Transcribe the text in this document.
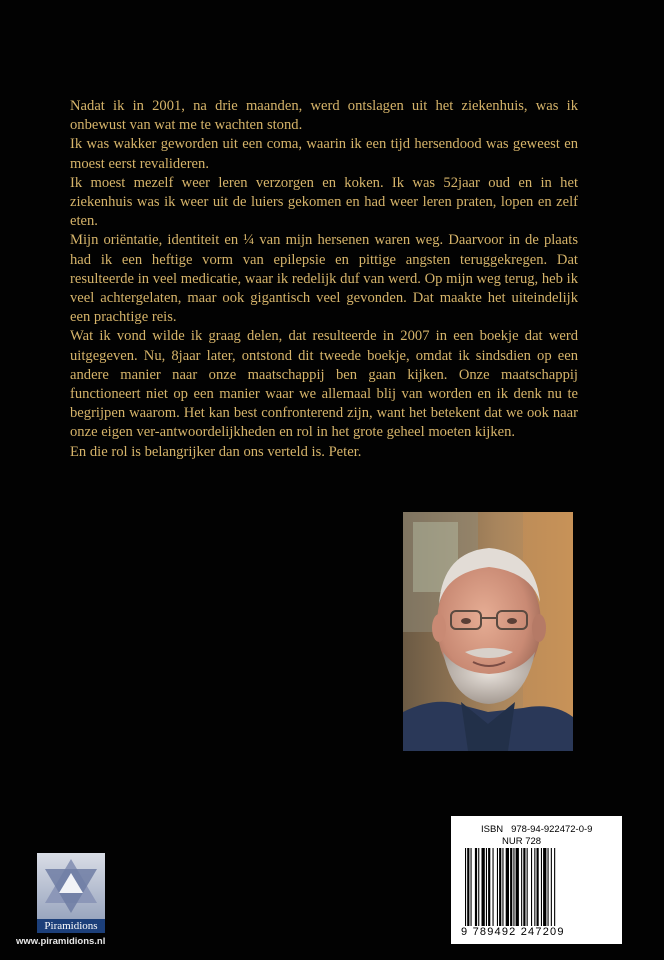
Nadat ik in 2001, na drie maanden, werd ontslagen uit het ziekenhuis, was ik onbewust van wat me te wachten stond.

Ik was wakker geworden uit een coma, waarin ik een tijd hersendood was geweest en moest eerst revalideren.

Ik moest mezelf weer leren verzorgen en koken. Ik was 52jaar oud en in het ziekenhuis was ik weer uit de luiers gekomen en had weer leren praten, lopen en zelf eten.

Mijn oriëntatie, identiteit en ¼ van mijn hersenen waren weg. Daarvoor in de plaats had ik een heftige vorm van epilepsie en pittige angsten teruggekregen. Dat resulteerde in veel medicatie, waar ik redelijk duf van werd. Op mijn weg terug, heb ik veel achtergelaten, maar ook gigantisch veel gevonden. Dat maakte het uiteindelijk een prachtige reis.

Wat ik vond wilde ik graag delen, dat resulteerde in 2007 in een boekje dat werd uitgegeven. Nu, 8jaar later, ontstond dit tweede boekje, omdat ik sindsdien op een andere manier naar onze maatschappij ben gaan kijken. Onze maatschappij functioneert niet op een manier waar we allemaal blij van worden en ik denk nu te begrijpen waarom. Het kan best confronterend zijn, want het betekent dat we ook naar onze eigen ver-antwoordelijkheden en rol in het grote geheel moeten kijken.

En die rol is belangrijker dan ons verteld is. Peter.

ISBN 978-94-922472-0-9
NUR 728
9 789492 247209
Piramidions
www.piramidions.nl
